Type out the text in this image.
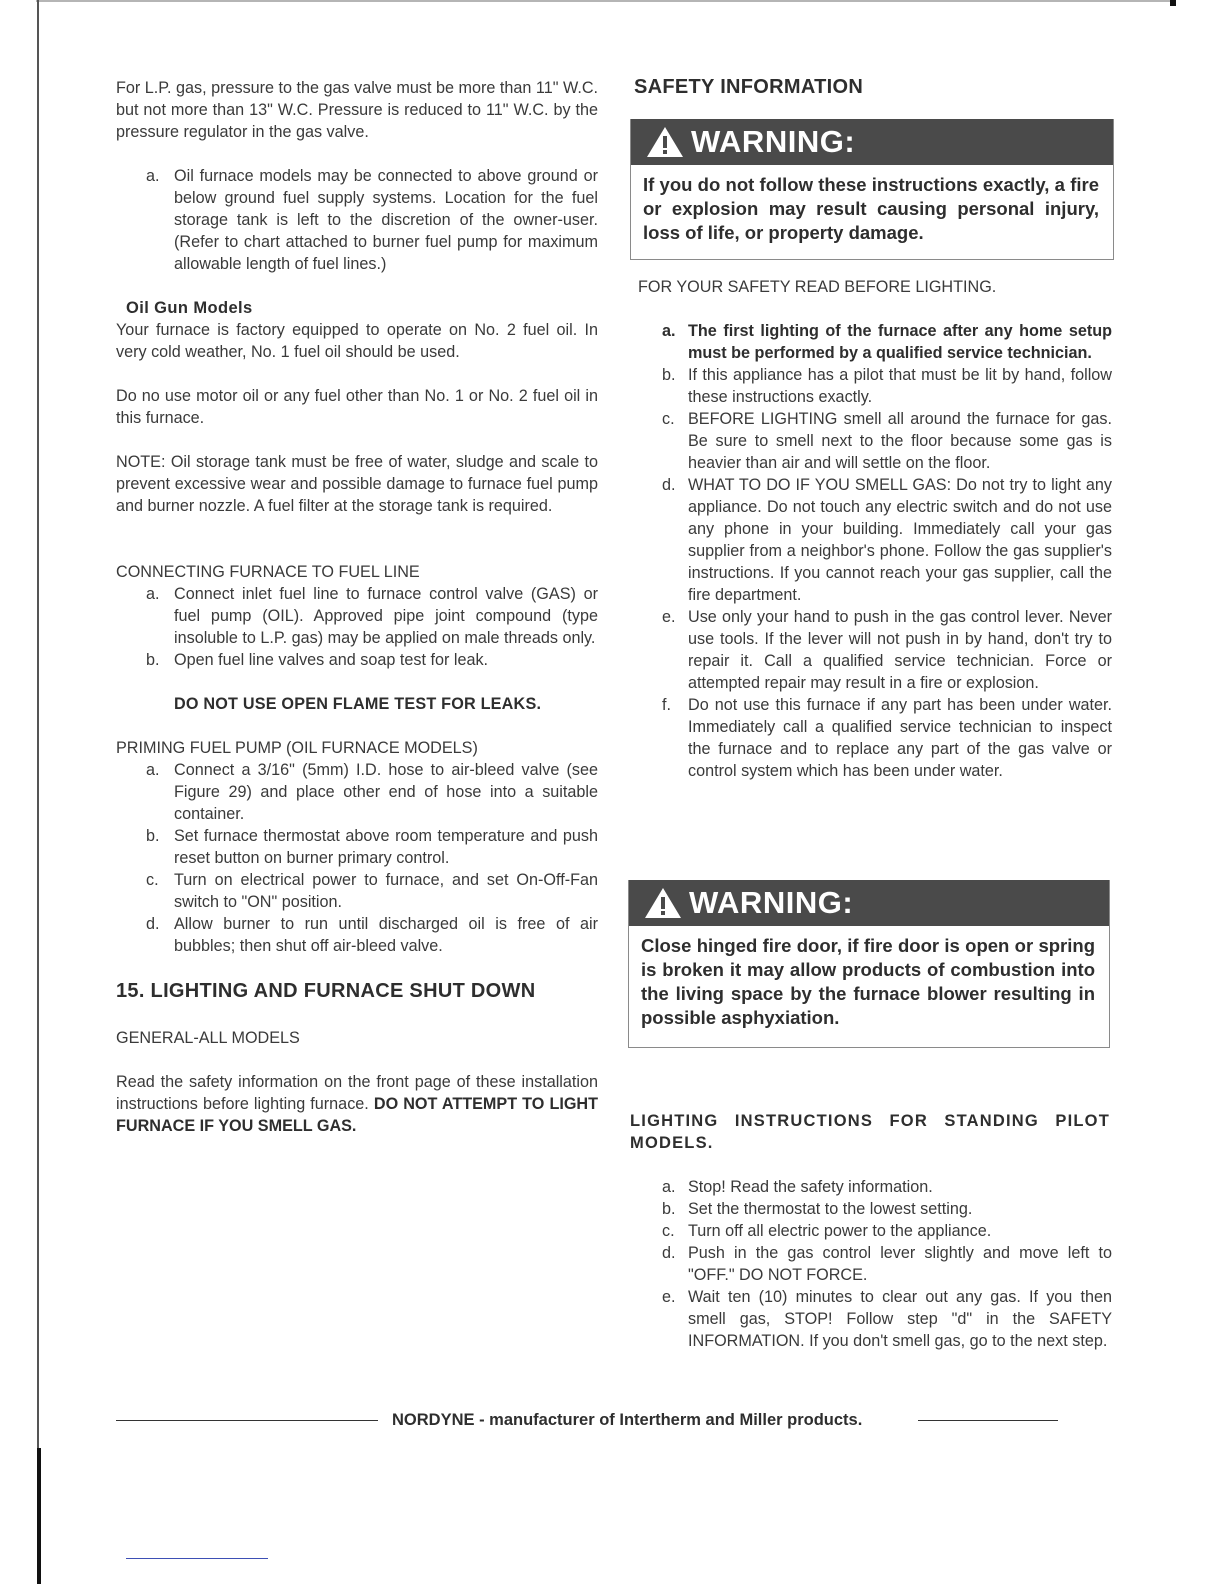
For L.P. gas, pressure to the gas valve must be more than 11" W.C. but not more than 13" W.C. Pressure is reduced to 11" W.C. by the pressure regulator in the gas valve.

a. Oil furnace models may be connected to above ground or below ground fuel supply systems. Location for the fuel storage tank is left to the discretion of the owner-user. (Refer to chart attached to burner fuel pump for maximum allowable length of fuel lines.)
Oil Gun Models

Your furnace is factory equipped to operate on No. 2 fuel oil. In very cold weather, No. 1 fuel oil should be used.

Do no use motor oil or any fuel other than No. 1 or No. 2 fuel oil in this furnace.

NOTE: Oil storage tank must be free of water, sludge and scale to prevent excessive wear and possible damage to furnace fuel pump and burner nozzle. A fuel filter at the storage tank is required.

CONNECTING FURNACE TO FUEL LINE
a. Connect inlet fuel line to furnace control valve (GAS) or fuel pump (OIL). Approved pipe joint compound (type insoluble to L.P. gas) may be applied on male threads only.
b. Open fuel line valves and soap test for leak.
DO NOT USE OPEN FLAME TEST FOR LEAKS.
PRIMING FUEL PUMP (OIL FURNACE MODELS)
a. Connect a 3/16" (5mm) I.D. hose to air-bleed valve (see Figure 29) and place other end of hose into a suitable container.
b. Set furnace thermostat above room temperature and push reset button on burner primary control.
c. Turn on electrical power to furnace, and set On-Off-Fan switch to "ON" position.
d. Allow burner to run until discharged oil is free of air bubbles; then shut off air-bleed valve.
15. LIGHTING AND FURNACE SHUT DOWN
GENERAL-ALL MODELS

Read the safety information on the front page of these installation instructions before lighting furnace. DO NOT ATTEMPT TO LIGHT FURNACE IF YOU SMELL GAS.

SAFETY INFORMATION
WARNING:
If you do not follow these instructions exactly, a fire or explosion may result causing personal injury, loss of life, or property damage.
FOR YOUR SAFETY READ BEFORE LIGHTING.
a. The first lighting of the furnace after any home setup must be performed by a qualified service technician.
b. If this appliance has a pilot that must be lit by hand, follow these instructions exactly.
c. BEFORE LIGHTING smell all around the furnace for gas. Be sure to smell next to the floor because some gas is heavier than air and will settle on the floor.
d. WHAT TO DO IF YOU SMELL GAS: Do not try to light any appliance. Do not touch any electric switch and do not use any phone in your building. Immediately call your gas supplier from a neighbor's phone. Follow the gas supplier's instructions. If you cannot reach your gas supplier, call the fire department.
e. Use only your hand to push in the gas control lever. Never use tools. If the lever will not push in by hand, don't try to repair it. Call a qualified service technician. Force or attempted repair may result in a fire or explosion.
f. Do not use this furnace if any part has been under water. Immediately call a qualified service technician to inspect the furnace and to replace any part of the gas valve or control system which has been under water.
WARNING:
Close hinged fire door, if fire door is open or spring is broken it may allow products of combustion into the living space by the furnace blower resulting in possible asphyxiation.
LIGHTING INSTRUCTIONS FOR STANDING PILOT MODELS.
a. Stop! Read the safety information.
b. Set the thermostat to the lowest setting.
c. Turn off all electric power to the appliance.
d. Push in the gas control lever slightly and move left to "OFF." DO NOT FORCE.
e. Wait ten (10) minutes to clear out any gas. If you then smell gas, STOP! Follow step "d" in the SAFETY INFORMATION. If you don't smell gas, go to the next step.
NORDYNE - manufacturer of Intertherm and Miller products.
